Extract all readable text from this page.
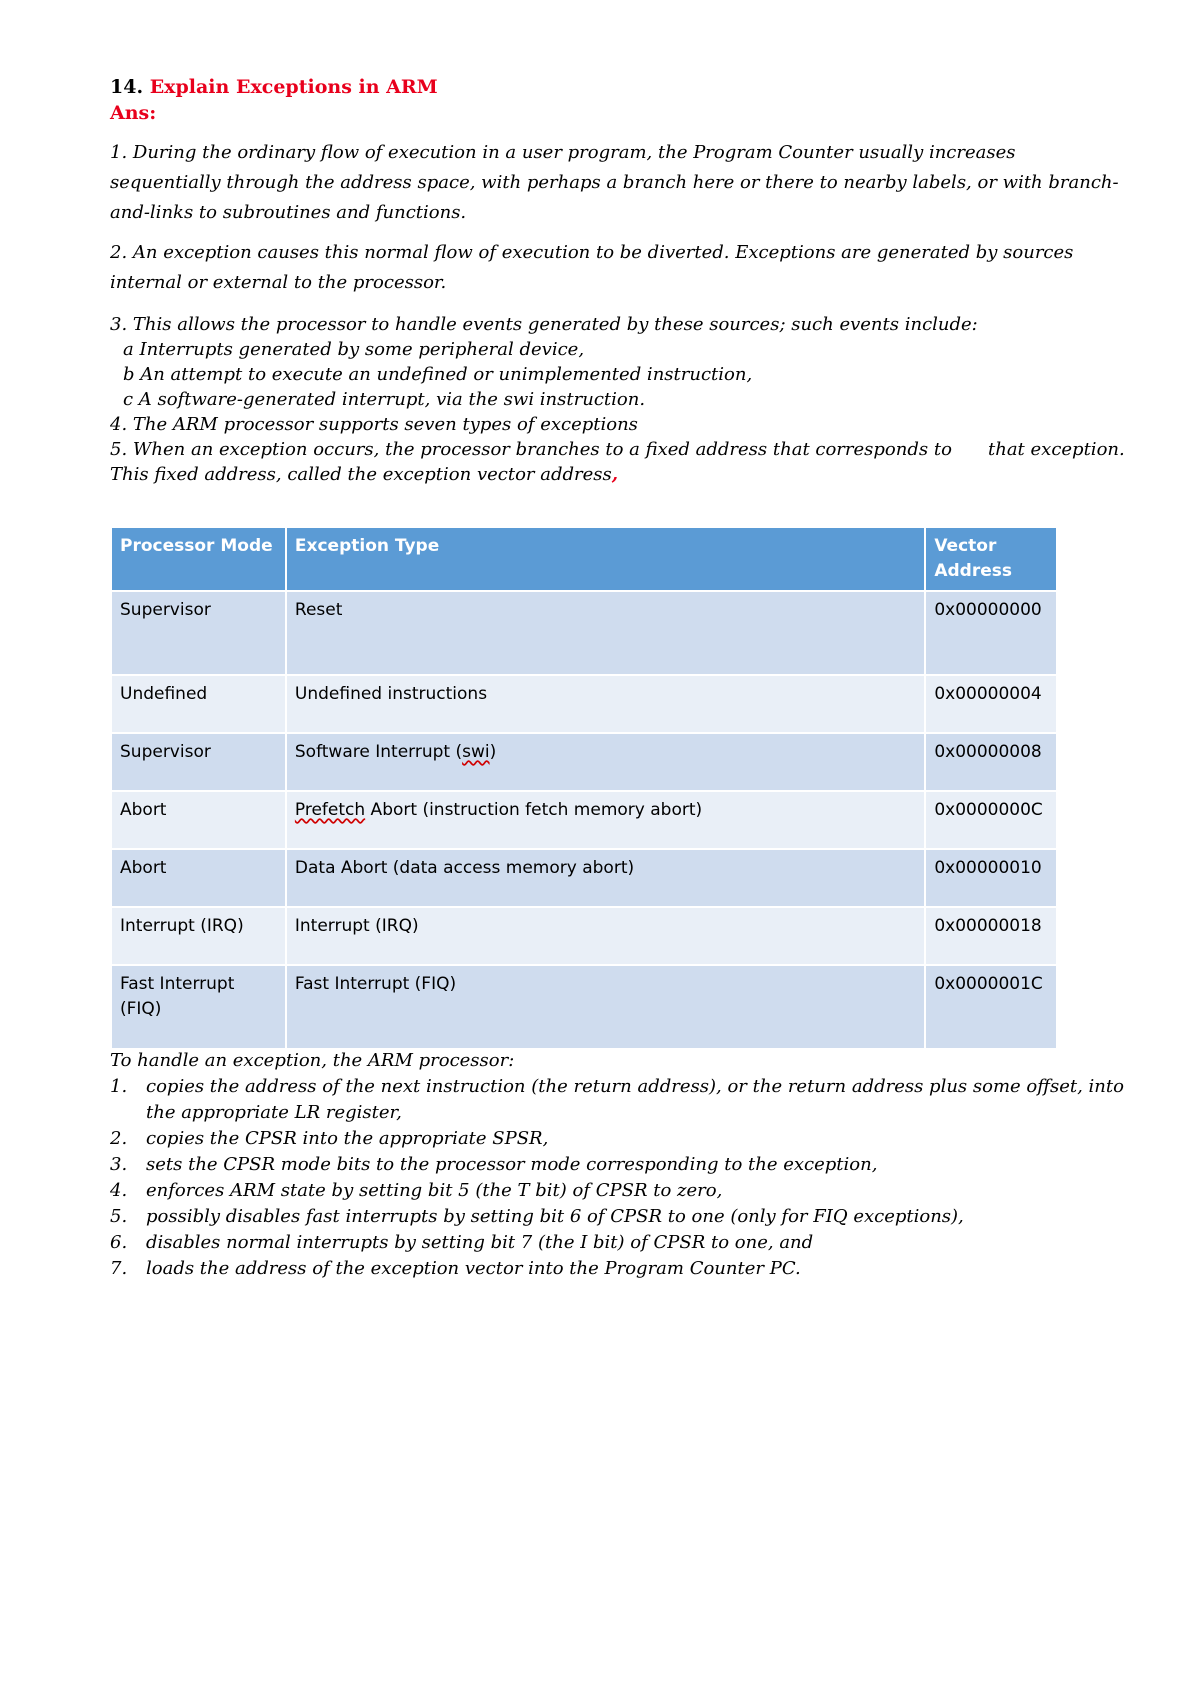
14. Explain Exceptions in ARM
Ans:
1. During the ordinary flow of execution in a user program, the Program Counter usually increases sequentially through the address space, with perhaps a branch here or there to nearby labels, or with branch-and-links to subroutines and functions.
2. An exception causes this normal flow of execution to be diverted. Exceptions are generated by sources internal or external to the processor.
3. This allows the processor to handle events generated by these sources; such events include:
a Interrupts generated by some peripheral device,
b An attempt to execute an undefined or unimplemented instruction,
c A software-generated interrupt, via the swi instruction.
4. The ARM processor supports seven types of exceptions
5. When an exception occurs, the processor branches to a fixed address that corresponds to that exception.
This fixed address, called the exception vector address,
Processor Mode	Exception Type	Vector Address
Supervisor	Reset	0x00000000
Undefined	Undefined instructions	0x00000004
Supervisor	Software Interrupt (swi)	0x00000008
Abort	Prefetch Abort (instruction fetch memory abort)	0x0000000C
Abort	Data Abort (data access memory abort)	0x00000010
Interrupt (IRQ)	Interrupt (IRQ)	0x00000018
Fast Interrupt (FIQ)	Fast Interrupt (FIQ)	0x0000001C
To handle an exception, the ARM processor:
1. copies the address of the next instruction (the return address), or the return address plus some offset, into the appropriate LR register,
2. copies the CPSR into the appropriate SPSR,
3. sets the CPSR mode bits to the processor mode corresponding to the exception,
4. enforces ARM state by setting bit 5 (the T bit) of CPSR to zero,
5. possibly disables fast interrupts by setting bit 6 of CPSR to one (only for FIQ exceptions),
6. disables normal interrupts by setting bit 7 (the I bit) of CPSR to one, and
7. loads the address of the exception vector into the Program Counter PC.
